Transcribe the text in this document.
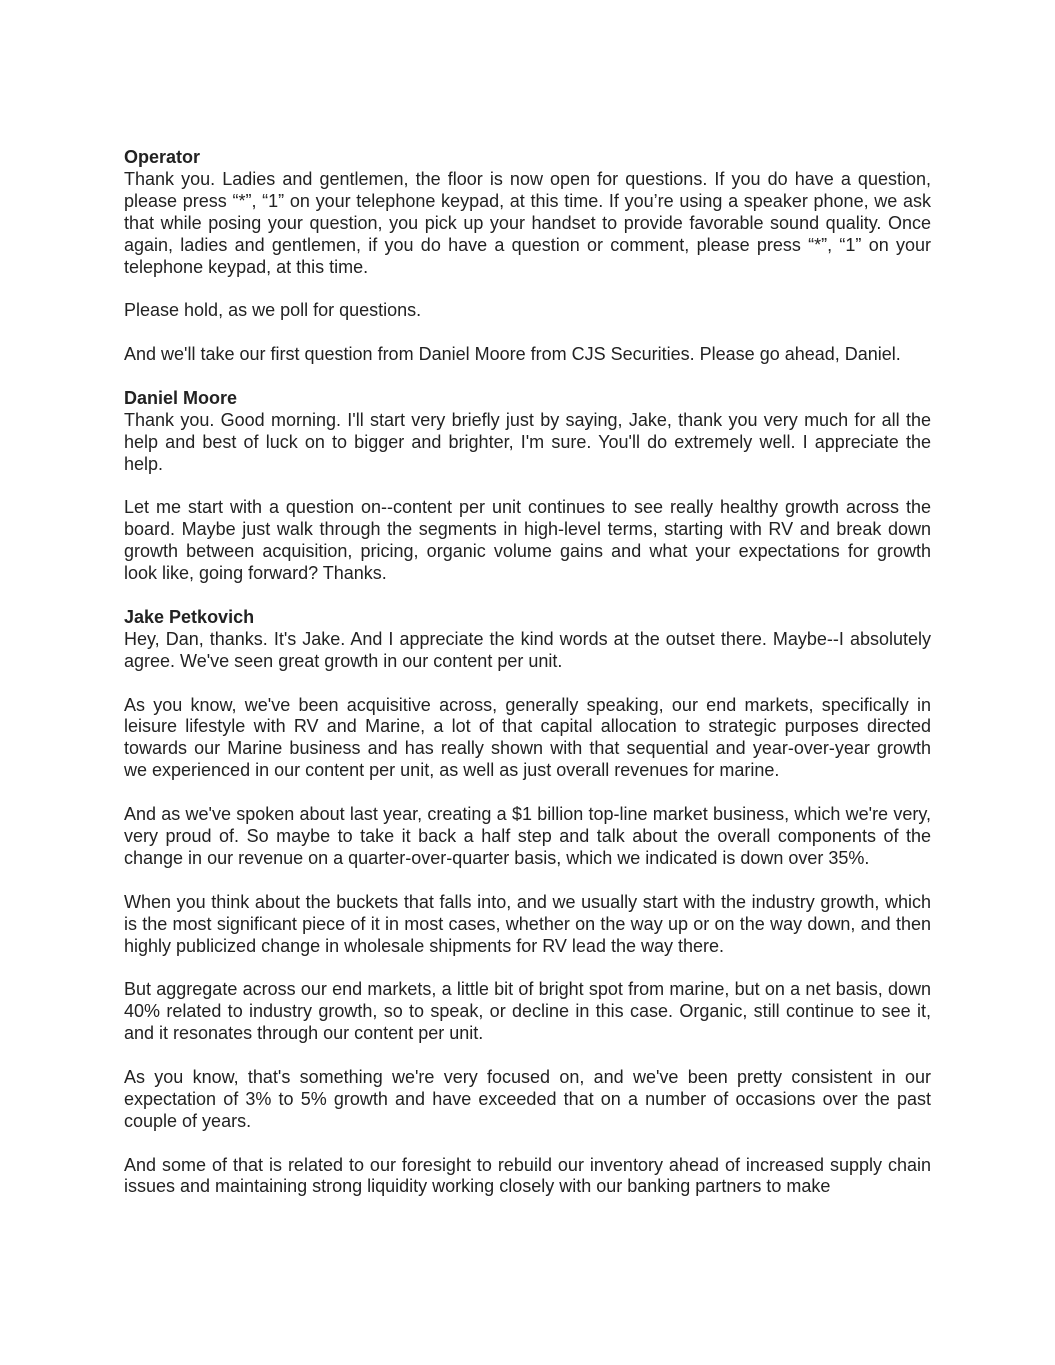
Operator

Thank you. Ladies and gentlemen, the floor is now open for questions. If you do have a question, please press “*”, “1” on your telephone keypad, at this time. If you’re using a speaker phone, we ask that while posing your question, you pick up your handset to provide favorable sound quality. Once again, ladies and gentlemen, if you do have a question or comment, please press “*”, “1” on your telephone keypad, at this time.

Please hold, as we poll for questions.

And we'll take our first question from Daniel Moore from CJS Securities. Please go ahead, Daniel.

Daniel Moore

Thank you. Good morning. I'll start very briefly just by saying, Jake, thank you very much for all the help and best of luck on to bigger and brighter, I'm sure. You'll do extremely well. I appreciate the help.

Let me start with a question on--content per unit continues to see really healthy growth across the board. Maybe just walk through the segments in high-level terms, starting with RV and break down growth between acquisition, pricing, organic volume gains and what your expectations for growth look like, going forward? Thanks.

Jake Petkovich

Hey, Dan, thanks. It's Jake. And I appreciate the kind words at the outset there. Maybe--I absolutely agree. We've seen great growth in our content per unit.

As you know, we've been acquisitive across, generally speaking, our end markets, specifically in leisure lifestyle with RV and Marine, a lot of that capital allocation to strategic purposes directed towards our Marine business and has really shown with that sequential and year-over-year growth we experienced in our content per unit, as well as just overall revenues for marine.

And as we've spoken about last year, creating a $1 billion top-line market business, which we're very, very proud of. So maybe to take it back a half step and talk about the overall components of the change in our revenue on a quarter-over-quarter basis, which we indicated is down over 35%.

When you think about the buckets that falls into, and we usually start with the industry growth, which is the most significant piece of it in most cases, whether on the way up or on the way down, and then highly publicized change in wholesale shipments for RV lead the way there.

But aggregate across our end markets, a little bit of bright spot from marine, but on a net basis, down 40% related to industry growth, so to speak, or decline in this case. Organic, still continue to see it, and it resonates through our content per unit.

As you know, that's something we're very focused on, and we've been pretty consistent in our expectation of 3% to 5% growth and have exceeded that on a number of occasions over the past couple of years.

And some of that is related to our foresight to rebuild our inventory ahead of increased supply chain issues and maintaining strong liquidity working closely with our banking partners to make
